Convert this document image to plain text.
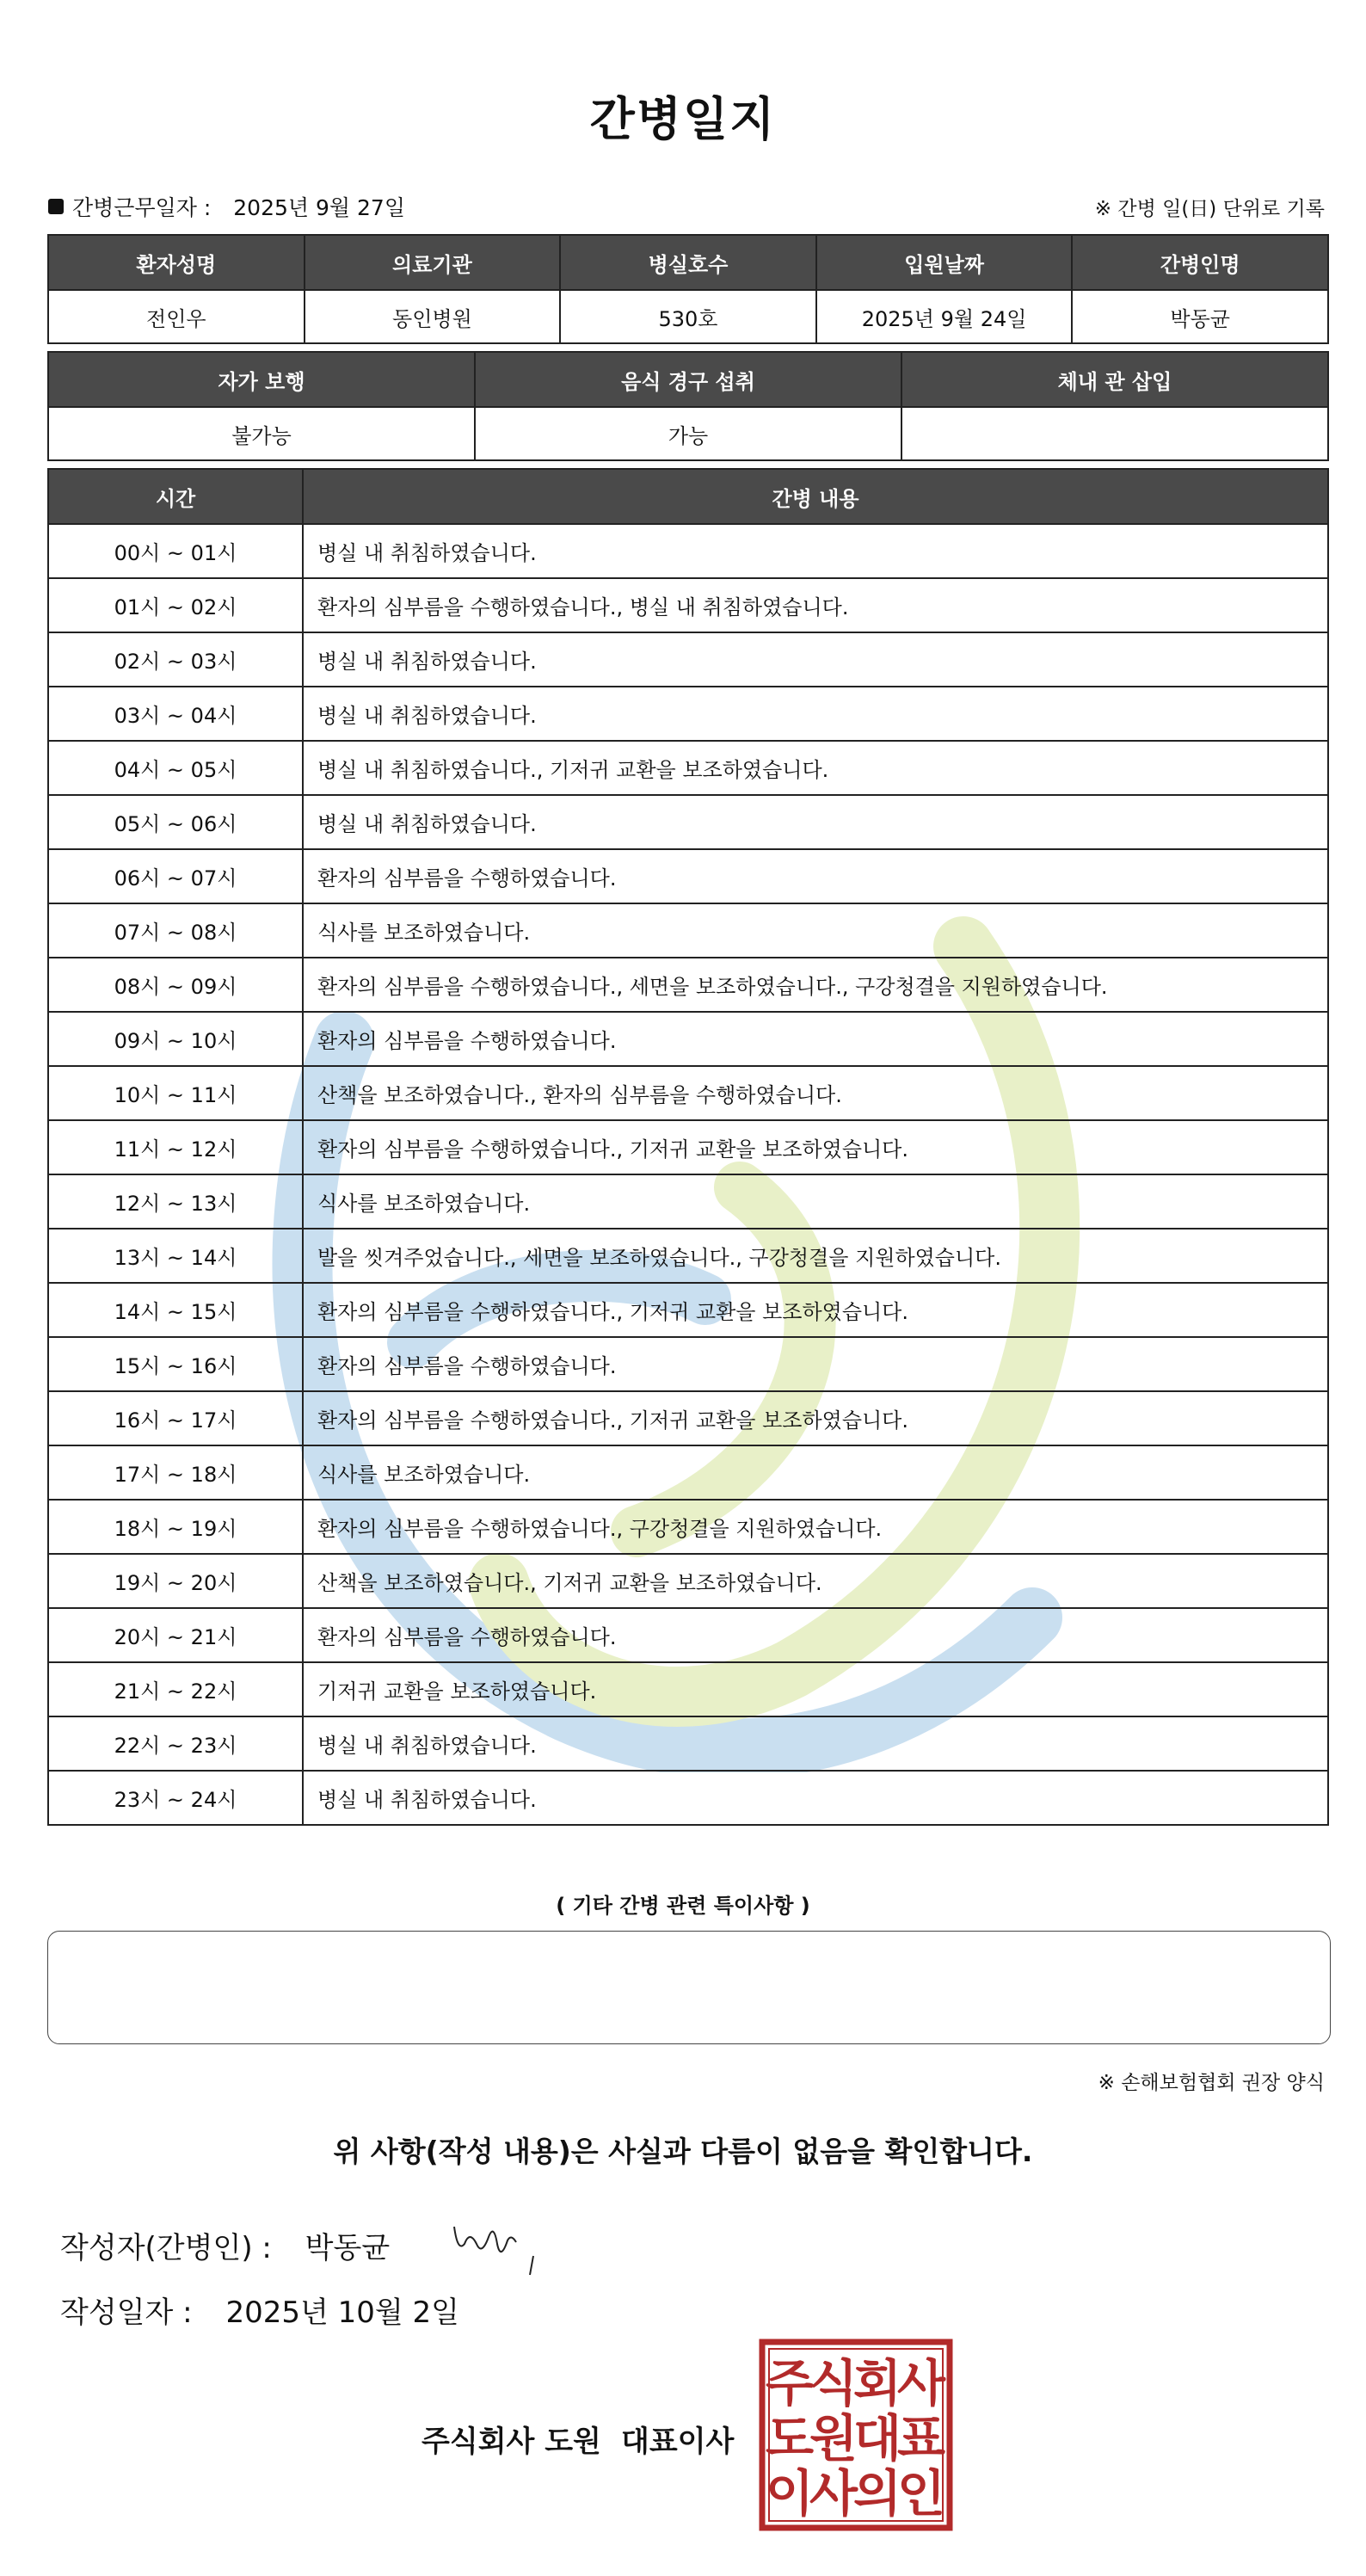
간병일지
간병근무일자 : 2025년 9월 27일	※ 간병 일(日) 단위로 기록
환자성명	의료기관	병실호수	입원날짜	간병인명
전인우	동인병원	530호	2025년 9월 24일	박동균
자가 보행	음식 경구 섭취	체내 관 삽입
불가능	가능	
시간	간병 내용
00시 ~ 01시	병실 내 취침하였습니다.
01시 ~ 02시	환자의 심부름을 수행하였습니다., 병실 내 취침하였습니다.
02시 ~ 03시	병실 내 취침하였습니다.
03시 ~ 04시	병실 내 취침하였습니다.
04시 ~ 05시	병실 내 취침하였습니다., 기저귀 교환을 보조하였습니다.
05시 ~ 06시	병실 내 취침하였습니다.
06시 ~ 07시	환자의 심부름을 수행하였습니다.
07시 ~ 08시	식사를 보조하였습니다.
08시 ~ 09시	환자의 심부름을 수행하였습니다., 세면을 보조하였습니다., 구강청결을 지원하였습니다.
09시 ~ 10시	환자의 심부름을 수행하였습니다.
10시 ~ 11시	산책을 보조하였습니다., 환자의 심부름을 수행하였습니다.
11시 ~ 12시	환자의 심부름을 수행하였습니다., 기저귀 교환을 보조하였습니다.
12시 ~ 13시	식사를 보조하였습니다.
13시 ~ 14시	발을 씻겨주었습니다., 세면을 보조하였습니다., 구강청결을 지원하였습니다.
14시 ~ 15시	환자의 심부름을 수행하였습니다., 기저귀 교환을 보조하였습니다.
15시 ~ 16시	환자의 심부름을 수행하였습니다.
16시 ~ 17시	환자의 심부름을 수행하였습니다., 기저귀 교환을 보조하였습니다.
17시 ~ 18시	식사를 보조하였습니다.
18시 ~ 19시	환자의 심부름을 수행하였습니다., 구강청결을 지원하였습니다.
19시 ~ 20시	산책을 보조하였습니다., 기저귀 교환을 보조하였습니다.
20시 ~ 21시	환자의 심부름을 수행하였습니다.
21시 ~ 22시	기저귀 교환을 보조하였습니다.
22시 ~ 23시	병실 내 취침하였습니다.
23시 ~ 24시	병실 내 취침하였습니다.
( 기타 간병 관련 특이사항 )
※ 손해보험협회 권장 양식
위 사항(작성 내용)은 사실과 다름이 없음을 확인합니다.
작성자(간병인) : 박동균
작성일자 : 2025년 10월 2일
주식회사 도원 대표이사
주
식
회
사
도
원
대
표
이
사
의
인
